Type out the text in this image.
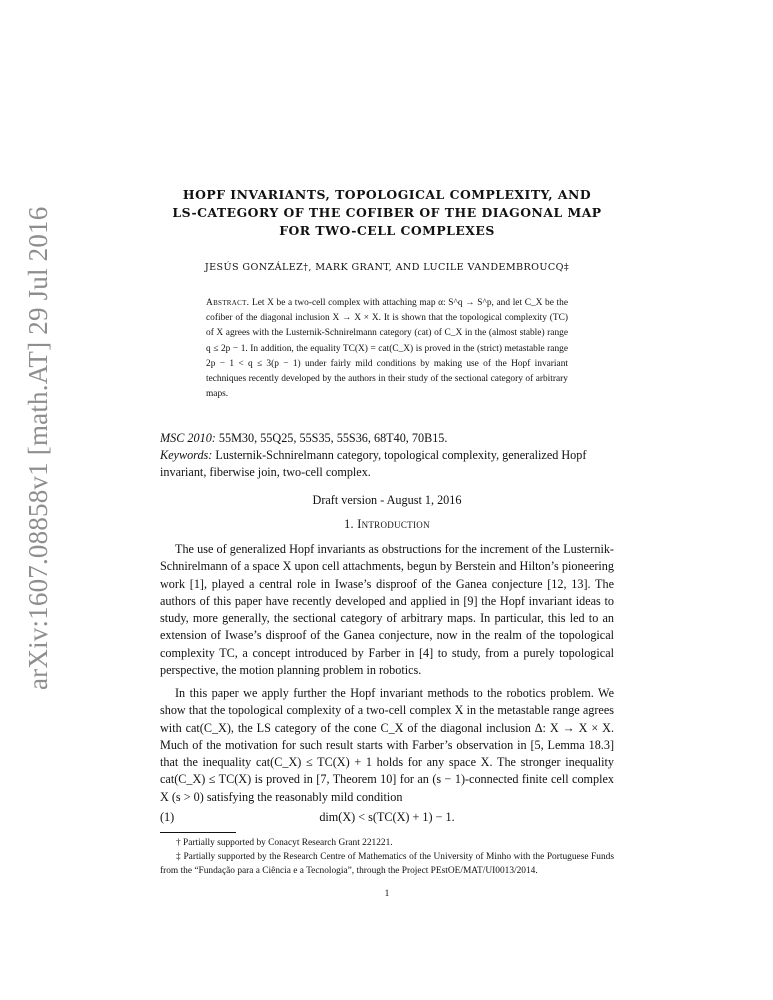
arXiv:1607.08858v1 [math.AT] 29 Jul 2016
HOPF INVARIANTS, TOPOLOGICAL COMPLEXITY, AND
LS-CATEGORY OF THE COFIBER OF THE DIAGONAL MAP
FOR TWO-CELL COMPLEXES
JESÚS GONZÁLEZ†, MARK GRANT, AND LUCILE VANDEMBROUCQ‡
Abstract. Let X be a two-cell complex with attaching map α: S^q → S^p, and let C_X be the cofiber of the diagonal inclusion X → X × X. It is shown that the topological complexity (TC) of X agrees with the Lusternik-Schnirelmann category (cat) of C_X in the (almost stable) range q ≤ 2p − 1. In addition, the equality TC(X) = cat(C_X) is proved in the (strict) metastable range 2p − 1 < q ≤ 3(p − 1) under fairly mild conditions by making use of the Hopf invariant techniques recently developed by the authors in their study of the sectional category of arbitrary maps.
MSC 2010: 55M30, 55Q25, 55S35, 55S36, 68T40, 70B15.
Keywords: Lusternik-Schnirelmann category, topological complexity, generalized Hopf invariant, fiberwise join, two-cell complex.
Draft version - August 1, 2016
1. Introduction
The use of generalized Hopf invariants as obstructions for the increment of the Lusternik-Schnirelmann of a space X upon cell attachments, begun by Berstein and Hilton’s pioneering work [1], played a central role in Iwase’s disproof of the Ganea conjecture [12, 13]. The authors of this paper have recently developed and applied in [9] the Hopf invariant ideas to study, more generally, the sectional category of arbitrary maps. In particular, this led to an extension of Iwase’s disproof of the Ganea conjecture, now in the realm of the topological complexity TC, a concept introduced by Farber in [4] to study, from a purely topological perspective, the motion planning problem in robotics.
In this paper we apply further the Hopf invariant methods to the robotics problem. We show that the topological complexity of a two-cell complex X in the metastable range agrees with cat(C_X), the LS category of the cone C_X of the diagonal inclusion Δ: X → X × X. Much of the motivation for such result starts with Farber’s observation in [5, Lemma 18.3] that the inequality cat(C_X) ≤ TC(X) + 1 holds for any space X. The stronger inequality cat(C_X) ≤ TC(X) is proved in [7, Theorem 10] for an (s − 1)-connected finite cell complex X (s > 0) satisfying the reasonably mild condition
dim(X) < s(TC(X) + 1) − 1.
(1)
† Partially supported by Conacyt Research Grant 221221.
‡ Partially supported by the Research Centre of Mathematics of the University of Minho with the Portuguese Funds from the “Fundação para a Ciência e a Tecnologia”, through the Project PEstOE/MAT/UI0013/2014.
1
